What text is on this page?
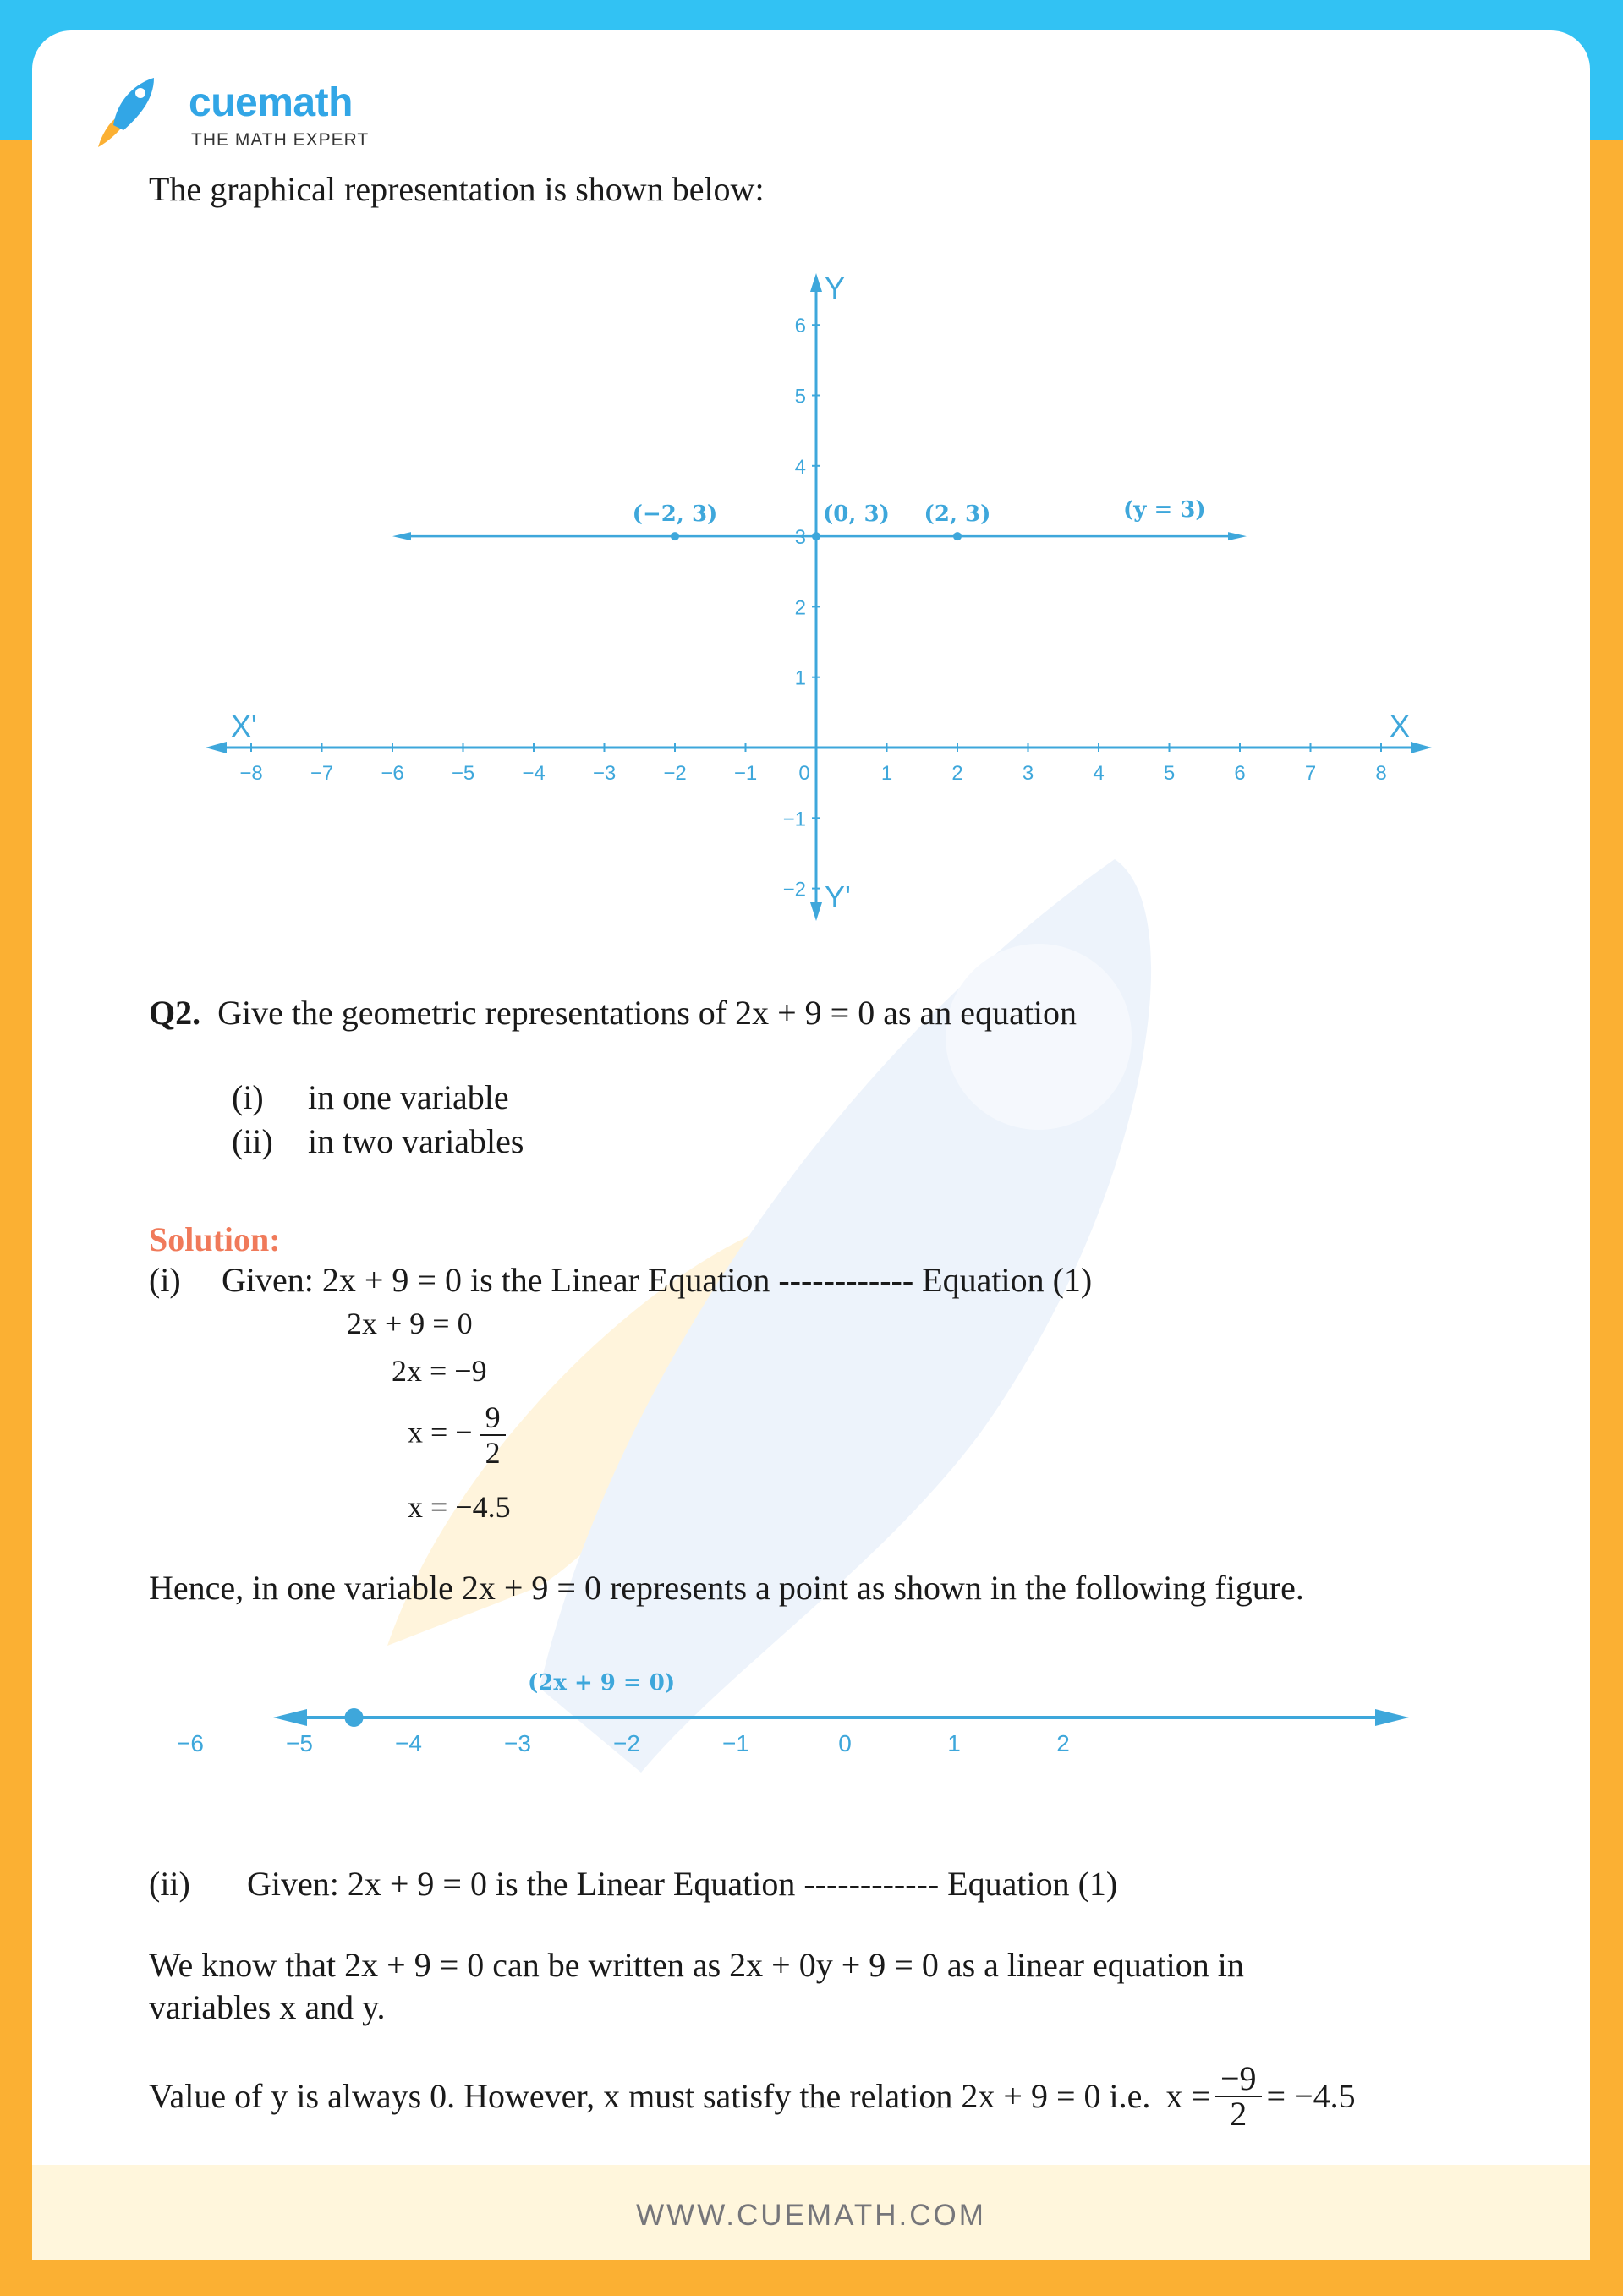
cuemath
THE MATH EXPERT
The graphical representation is shown below:
X'	X
Y
Y'
−8 −7 −6 −5 −4 −3 −2 −1 0	1	2	3	4	5	6	7	8
6
5
4
3
2
1
−1
−2
(−2, 3)	(0, 3) (2, 3)	(y = 3)
Q2. Give the geometric representations of 2x + 9 = 0 as an equation
(i) in one variable
(ii) in two variables
Solution:
(i) Given: 2x + 9 = 0 is the Linear Equation ------------ Equation (1)
2x + 9 = 0
2x = −9
x = − $\frac{9}{2}$
x = −4.5
Hence, in one variable 2x + 9 = 0 represents a point as shown in the following figure.
−6	−5	−4	−3	−2	−1	0	1	2
(2x + 9 = 0)
(ii) Given: 2x + 9 = 0 is the Linear Equation ------------ Equation (1)
We know that 2x + 9 = 0 can be written as 2x + 0y + 9 = 0 as a linear equation in
variables x and y.
Value of y is always 0. However, x must satisfy the relation 2x + 9 = 0 i.e. $x = \frac{-9}{2} = -4.5$
WWW.CUEMATH.COM
